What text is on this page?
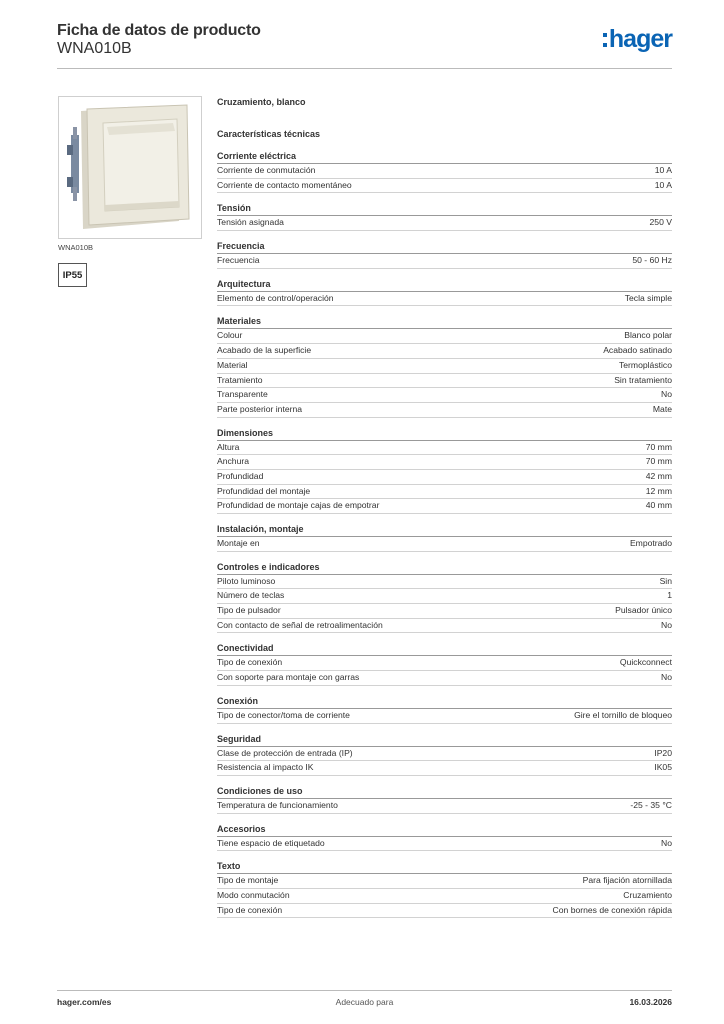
Ficha de datos de producto
WNA010B	hager
WNA010B
IP55
Cruzamiento, blanco
Características técnicas
Corriente eléctrica
Corriente de conmutación	10 A
Corriente de contacto momentáneo	10 A
Tensión
Tensión asignada	250 V
Frecuencia
Frecuencia	50 - 60 Hz
Arquitectura
Elemento de control/operación	Tecla simple
Materiales
Colour	Blanco polar
Acabado de la superficie	Acabado satinado
Material	Termoplástico
Tratamiento	Sin tratamiento
Transparente	No
Parte posterior interna	Mate
Dimensiones
Altura	70 mm
Anchura	70 mm
Profundidad	42 mm
Profundidad del montaje	12 mm
Profundidad de montaje cajas de empotrar	40 mm
Instalación, montaje
Montaje en	Empotrado
Controles e indicadores
Piloto luminoso	Sin
Número de teclas	1
Tipo de pulsador	Pulsador único
Con contacto de señal de retroalimentación	No
Conectividad
Tipo de conexión	Quickconnect
Con soporte para montaje con garras	No
Conexión
Tipo de conector/toma de corriente	Gire el tornillo de bloqueo
Seguridad
Clase de protección de entrada (IP)	IP20
Resistencia al impacto IK	IK05
Condiciones de uso
Temperatura de funcionamiento	-25 - 35 °C
Accesorios
Tiene espacio de etiquetado	No
Texto
Tipo de montaje	Para fijación atornillada
Modo conmutación	Cruzamiento
Tipo de conexión	Con bornes de conexión rápida
hager.com/es	Adecuado para	16.03.2026
